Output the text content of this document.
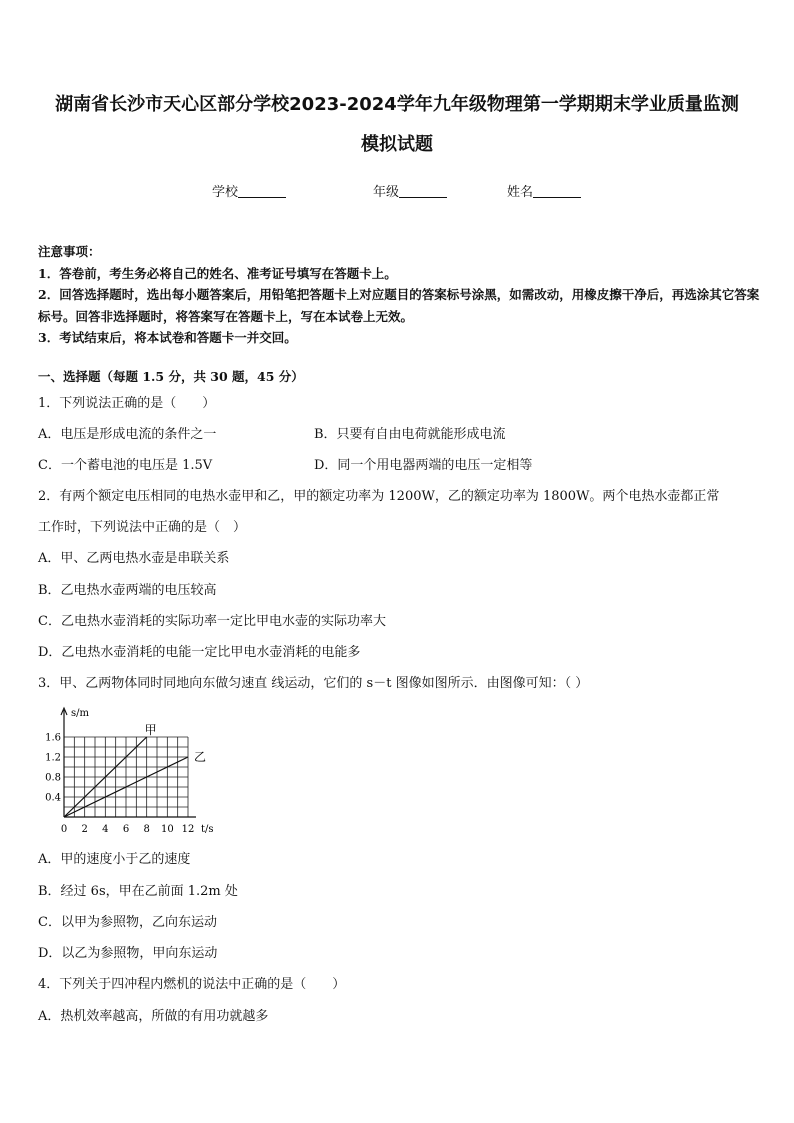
湖南省长沙市天心区部分学校2023-2024学年九年级物理第一学期期末学业质量监测
模拟试题
学校	年级	姓名
注意事项：
1．答卷前，考生务必将自己的姓名、准考证号填写在答题卡上。
2．回答选择题时，选出每小题答案后，用铅笔把答题卡上对应题目的答案标号涂黑，如需改动，用橡皮擦干净后，再选涂其它答案标号。回答非选择题时，将答案写在答题卡上，写在本试卷上无效。
3．考试结束后，将本试卷和答题卡一并交回。
一、选择题（每题 1.5 分，共 30 题，45 分）
1．下列说法正确的是（　　）
A．电压是形成电流的条件之一	B．只要有自由电荷就能形成电流
C．一个蓄电池的电压是 1.5V	D．同一个用电器两端的电压一定相等
2．有两个额定电压相同的电热水壶甲和乙，甲的额定功率为 1200W，乙的额定功率为 1800W。两个电热水壶都正常
工作时，下列说法中正确的是（　）
A．甲、乙两电热水壶是串联关系
B．乙电热水壶两端的电压较高
C．乙电热水壶消耗的实际功率一定比甲电水壶的实际功率大
D．乙电热水壶消耗的电能一定比甲电水壶消耗的电能多
3．甲、乙两物体同时同地向东做匀速直 线运动，它们的 s－t 图像如图所示．由图像可知：（ ）
甲
乙
0.4
0.8
1.2
1.6
0 2 4 6 8 10 12
s/m
t/s
A．甲的速度小于乙的速度
B．经过 6s，甲在乙前面 1.2m 处
C．以甲为参照物，乙向东运动
D．以乙为参照物，甲向东运动
4．下列关于四冲程内燃机的说法中正确的是（　　）
A．热机效率越高，所做的有用功就越多
